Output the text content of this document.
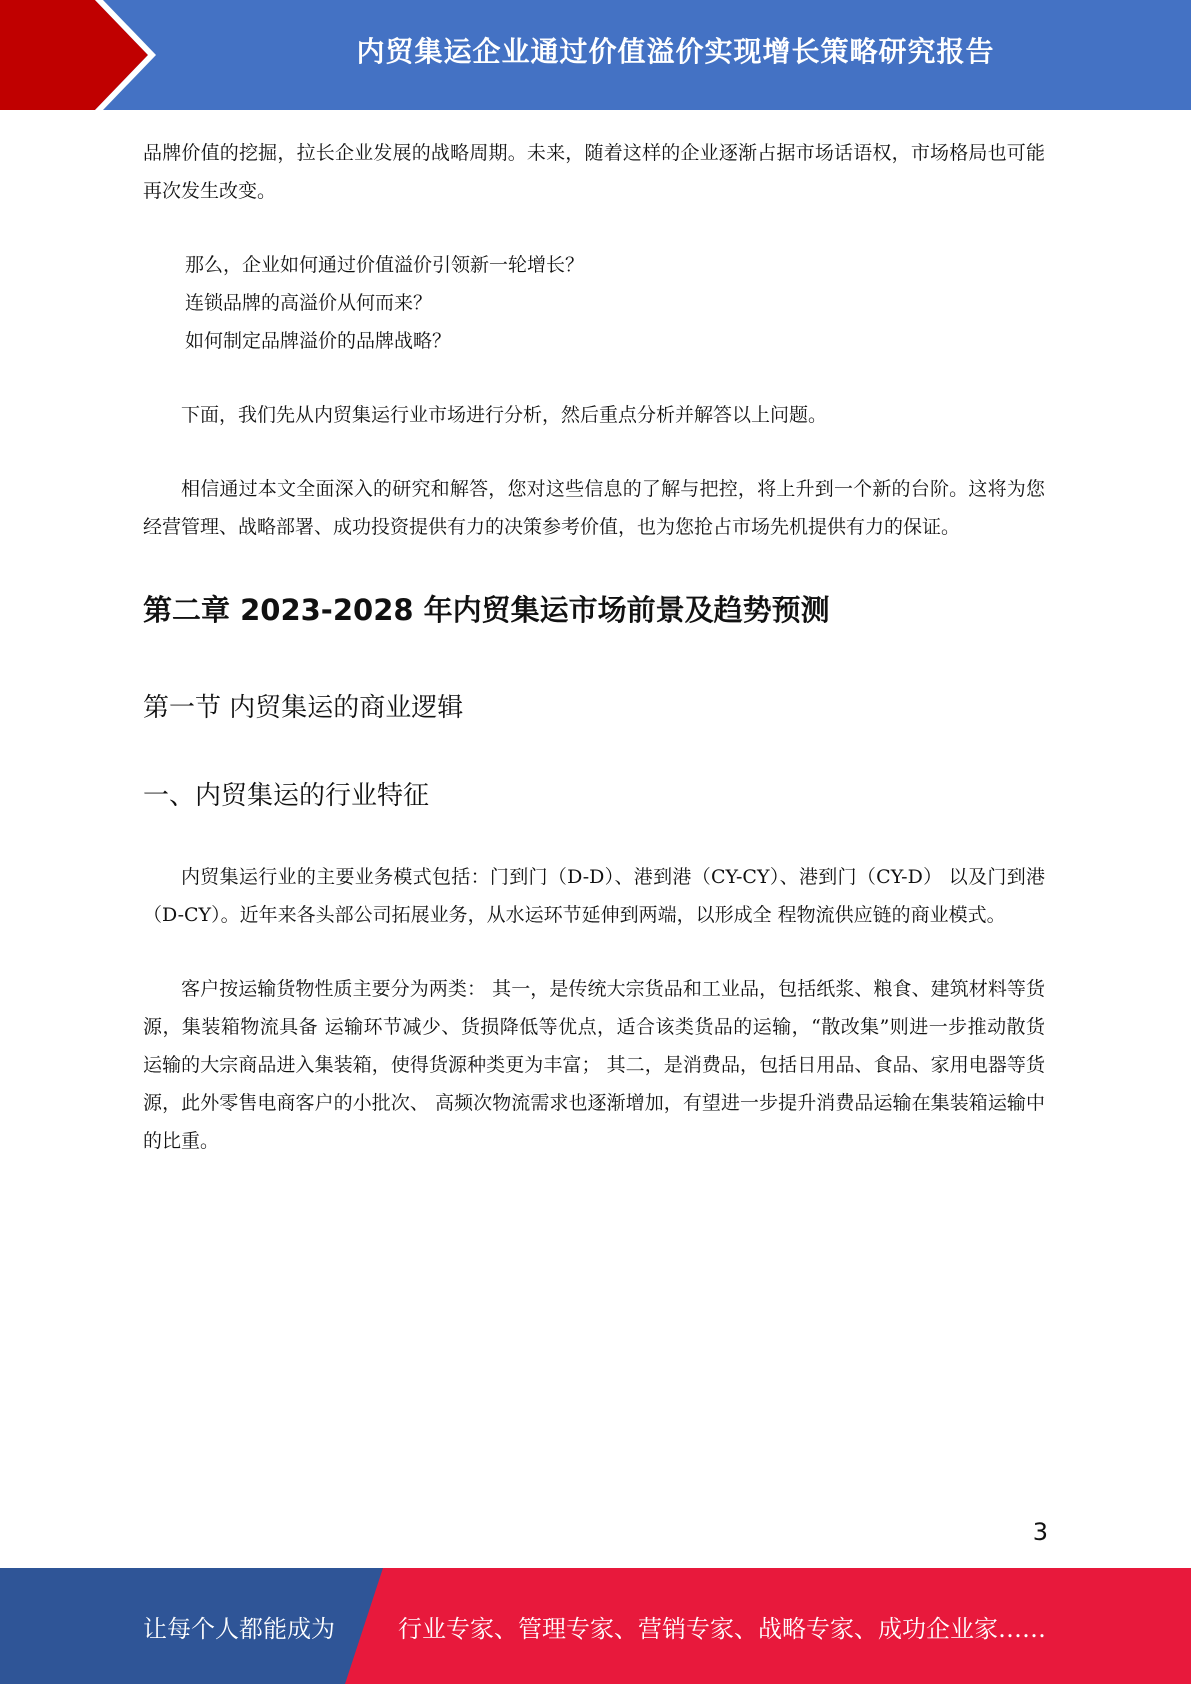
内贸集运企业通过价值溢价实现增长策略研究报告

品牌价值的挖掘，拉长企业发展的战略周期。未来，随着这样的企业逐渐占据市场话语权，市场格局也可能再次发生改变。

那么，企业如何通过价值溢价引领新一轮增长？
连锁品牌的高溢价从何而来？
如何制定品牌溢价的品牌战略？

下面，我们先从内贸集运行业市场进行分析，然后重点分析并解答以上问题。

相信通过本文全面深入的研究和解答，您对这些信息的了解与把控，将上升到一个新的台阶。这将为您经营管理、战略部署、成功投资提供有力的决策参考价值，也为您抢占市场先机提供有力的保证。

第二章 2023-2028 年内贸集运市场前景及趋势预测
第一节 内贸集运的商业逻辑
一、内贸集运的行业特征

内贸集运行业的主要业务模式包括：门到门（D-D）、港到港（CY-CY）、港到门（CY-D） 以及门到港（D-CY）。近年来各头部公司拓展业务，从水运环节延伸到两端，以形成全 程物流供应链的商业模式。

客户按运输货物性质主要分为两类： 其一，是传统大宗货品和工业品，包括纸浆、粮食、建筑材料等货源，集装箱物流具备 运输环节减少、货损降低等优点，适合该类货品的运输，“散改集”则进一步推动散货 运输的大宗商品进入集装箱，使得货源种类更为丰富； 其二，是消费品，包括日用品、食品、家用电器等货源，此外零售电商客户的小批次、 高频次物流需求也逐渐增加，有望进一步提升消费品运输在集装箱运输中的比重。

3
让每个人都能成为	行业专家、管理专家、营销专家、战略专家、成功企业家……
